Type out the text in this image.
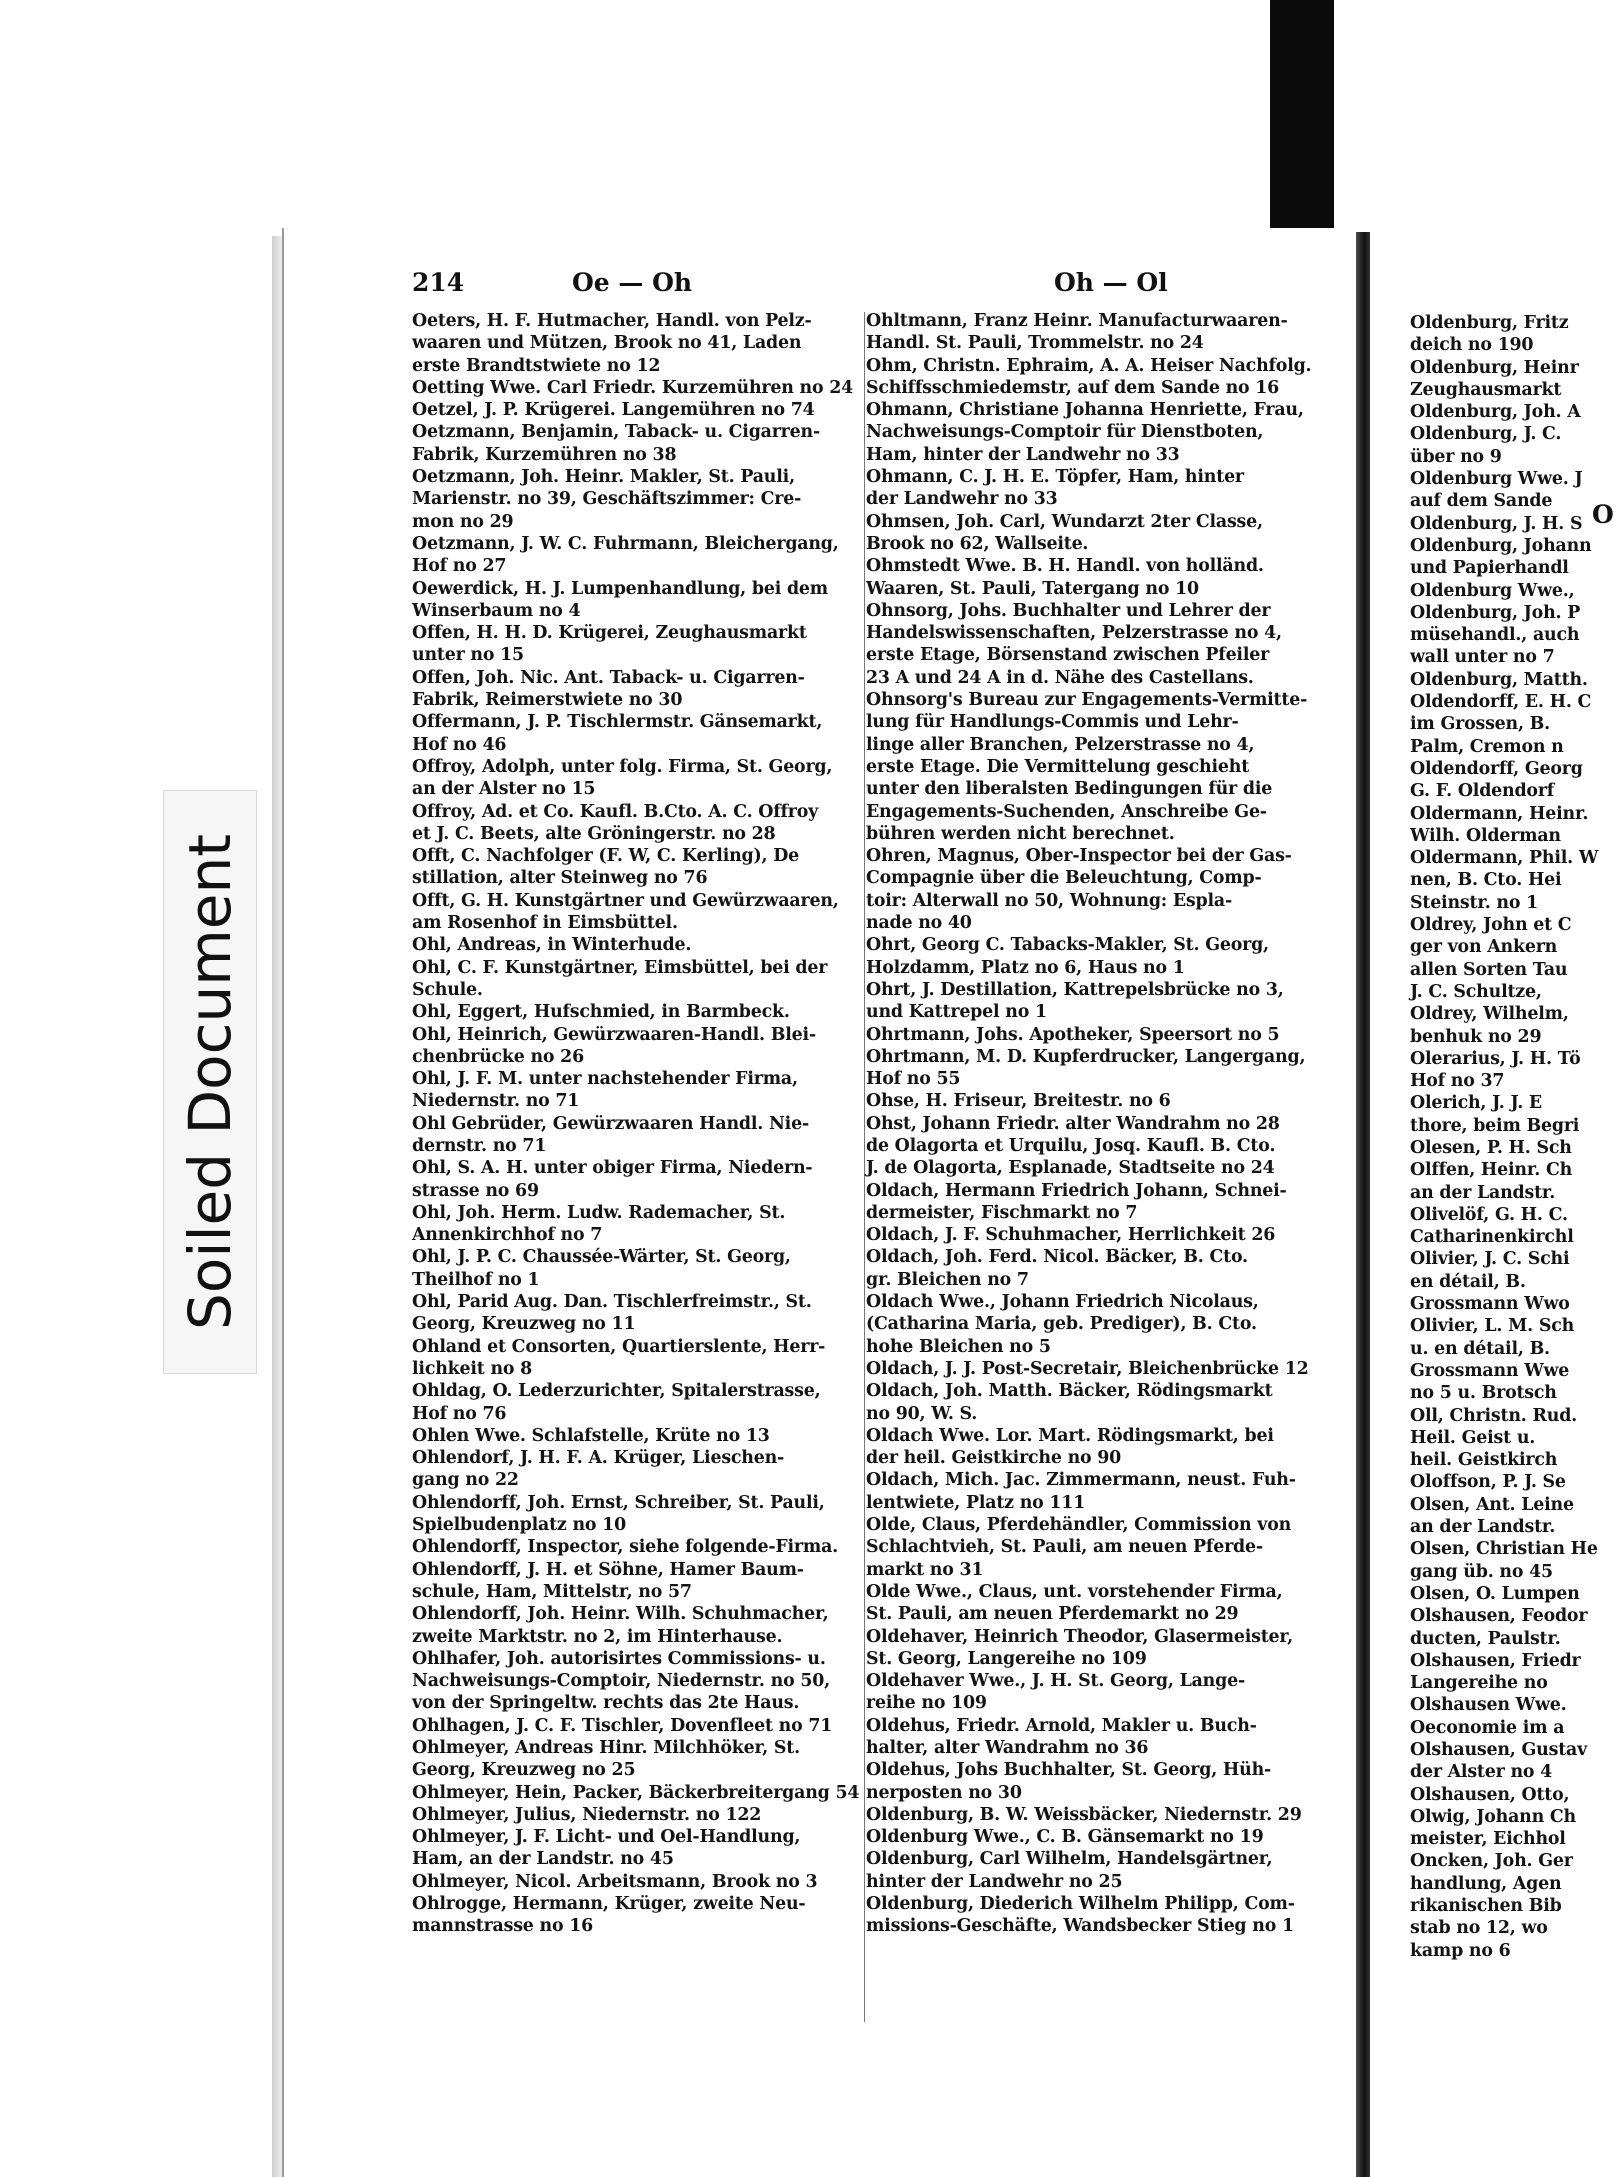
214	Oe — Oh	Oh — Ol
Oeters, H. F. Hutmacher, Handl. von Pelz-
waaren und Mützen, Brook no 41, Laden
erste Brandtstwiete no 12
Oetting Wwe. Carl Friedr. Kurzemühren no 24
Oetzel, J. P. Krügerei. Langemühren no 74
Oetzmann, Benjamin, Taback- u. Cigarren-
Fabrik, Kurzemühren no 38
Oetzmann, Joh. Heinr. Makler, St. Pauli,
Marienstr. no 39, Geschäftszimmer: Cre-
mon no 29
Oetzmann, J. W. C. Fuhrmann, Bleichergang,
Hof no 27
Oewerdick, H. J. Lumpenhandlung, bei dem
Winserbaum no 4
Offen, H. H. D. Krügerei, Zeughausmarkt
unter no 15
Offen, Joh. Nic. Ant. Taback- u. Cigarren-
Fabrik, Reimerstwiete no 30
Offermann, J. P. Tischlermstr. Gänsemarkt,
Hof no 46
Offroy, Adolph, unter folg. Firma, St. Georg,
an der Alster no 15
Offroy, Ad. et Co. Kaufl. B.Cto. A. C. Offroy
et J. C. Beets, alte Gröningerstr. no 28
Offt, C. Nachfolger (F. W, C. Kerling), De
stillation, alter Steinweg no 76
Offt, G. H. Kunstgärtner und Gewürzwaaren,
am Rosenhof in Eimsbüttel.
Ohl, Andreas, in Winterhude.
Ohl, C. F. Kunstgärtner, Eimsbüttel, bei der
Schule.
Ohl, Eggert, Hufschmied, in Barmbeck.
Ohl, Heinrich, Gewürzwaaren-Handl. Blei-
chenbrücke no 26
Ohl, J. F. M. unter nachstehender Firma,
Niedernstr. no 71
Ohl Gebrüder, Gewürzwaaren Handl. Nie-
dernstr. no 71
Ohl, S. A. H. unter obiger Firma, Niedern-
strasse no 69
Ohl, Joh. Herm. Ludw. Rademacher, St.
Annenkirchhof no 7
Ohl, J. P. C. Chaussée-Wärter, St. Georg,
Theilhof no 1
Ohl, Parid Aug. Dan. Tischlerfreimstr., St.
Georg, Kreuzweg no 11
Ohland et Consorten, Quartierslente, Herr-
lichkeit no 8
Ohldag, O. Lederzurichter, Spitalerstrasse,
Hof no 76
Ohlen Wwe. Schlafstelle, Krüte no 13
Ohlendorf, J. H. F. A. Krüger, Lieschen-
gang no 22
Ohlendorff, Joh. Ernst, Schreiber, St. Pauli,
Spielbudenplatz no 10
Ohlendorff, Inspector, siehe folgende-Firma.
Ohlendorff, J. H. et Söhne, Hamer Baum-
schule, Ham, Mittelstr, no 57
Ohlendorff, Joh. Heinr. Wilh. Schuhmacher,
zweite Marktstr. no 2, im Hinterhause.
Ohlhafer, Joh. autorisirtes Commissions- u.
Nachweisungs-Comptoir, Niedernstr. no 50,
von der Springeltw. rechts das 2te Haus.
Ohlhagen, J. C. F. Tischler, Dovenfleet no 71
Ohlmeyer, Andreas Hinr. Milchhöker, St.
Georg, Kreuzweg no 25
Ohlmeyer, Hein, Packer, Bäckerbreitergang 54
Ohlmeyer, Julius, Niedernstr. no 122
Ohlmeyer, J. F. Licht- und Oel-Handlung,
Ham, an der Landstr. no 45
Ohlmeyer, Nicol. Arbeitsmann, Brook no 3
Ohlrogge, Hermann, Krüger, zweite Neu-
mannstrasse no 16
Ohltmann, Franz Heinr. Manufacturwaaren-
Handl. St. Pauli, Trommelstr. no 24
Ohm, Christn. Ephraim, A. A. Heiser Nachfolg.
Schiffsschmiedemstr, auf dem Sande no 16
Ohmann, Christiane Johanna Henriette, Frau,
Nachweisungs-Comptoir für Dienstboten,
Ham, hinter der Landwehr no 33
Ohmann, C. J. H. E. Töpfer, Ham, hinter
der Landwehr no 33
Ohmsen, Joh. Carl, Wundarzt 2ter Classe,
Brook no 62, Wallseite.
Ohmstedt Wwe. B. H. Handl. von holländ.
Waaren, St. Pauli, Tatergang no 10
Ohnsorg, Johs. Buchhalter und Lehrer der
Handelswissenschaften, Pelzerstrasse no 4,
erste Etage, Börsenstand zwischen Pfeiler
23 A und 24 A in d. Nähe des Castellans.
Ohnsorg's Bureau zur Engagements-Vermitte-
lung für Handlungs-Commis und Lehr-
linge aller Branchen, Pelzerstrasse no 4,
erste Etage. Die Vermittelung geschieht
unter den liberalsten Bedingungen für die
Engagements-Suchenden, Anschreibe Ge-
bühren werden nicht berechnet.
Ohren, Magnus, Ober-Inspector bei der Gas-
Compagnie über die Beleuchtung, Comp-
toir: Alterwall no 50, Wohnung: Espla-
nade no 40
Ohrt, Georg C. Tabacks-Makler, St. Georg,
Holzdamm, Platz no 6, Haus no 1
Ohrt, J. Destillation, Kattrepelsbrücke no 3,
und Kattrepel no 1
Ohrtmann, Johs. Apotheker, Speersort no 5
Ohrtmann, M. D. Kupferdrucker, Langergang,
Hof no 55
Ohse, H. Friseur, Breitestr. no 6
Ohst, Johann Friedr. alter Wandrahm no 28
de Olagorta et Urquilu, Josq. Kaufl. B. Cto.
J. de Olagorta, Esplanade, Stadtseite no 24
Oldach, Hermann Friedrich Johann, Schnei-
dermeister, Fischmarkt no 7
Oldach, J. F. Schuhmacher, Herrlichkeit 26
Oldach, Joh. Ferd. Nicol. Bäcker, B. Cto.
gr. Bleichen no 7
Oldach Wwe., Johann Friedrich Nicolaus,
(Catharina Maria, geb. Prediger), B. Cto.
hohe Bleichen no 5
Oldach, J. J. Post-Secretair, Bleichenbrücke 12
Oldach, Joh. Matth. Bäcker, Rödingsmarkt
no 90, W. S.
Oldach Wwe. Lor. Mart. Rödingsmarkt, bei
der heil. Geistkirche no 90
Oldach, Mich. Jac. Zimmermann, neust. Fuh-
lentwiete, Platz no 111
Olde, Claus, Pferdehändler, Commission von
Schlachtvieh, St. Pauli, am neuen Pferde-
markt no 31
Olde Wwe., Claus, unt. vorstehender Firma,
St. Pauli, am neuen Pferdemarkt no 29
Oldehaver, Heinrich Theodor, Glasermeister,
St. Georg, Langereihe no 109
Oldehaver Wwe., J. H. St. Georg, Lange-
reihe no 109
Oldehus, Friedr. Arnold, Makler u. Buch-
halter, alter Wandrahm no 36
Oldehus, Johs Buchhalter, St. Georg, Hüh-
nerposten no 30
Oldenburg, B. W. Weissbäcker, Niedernstr. 29
Oldenburg Wwe., C. B. Gänsemarkt no 19
Oldenburg, Carl Wilhelm, Handelsgärtner,
hinter der Landwehr no 25
Oldenburg, Diederich Wilhelm Philipp, Com-
missions-Geschäfte, Wandsbecker Stieg no 1
O
Oldenburg, Fritz
deich no 190
Oldenburg, Heinr
Zeughausmarkt
Oldenburg, Joh. A
Oldenburg, J. C.
über no 9
Oldenburg Wwe. J
auf dem Sande
Oldenburg, J. H. S
Oldenburg, Johann
und Papierhandl
Oldenburg Wwe.,
Oldenburg, Joh. P
müsehandl., auch
wall unter no 7
Oldenburg, Matth.
Oldendorff, E. H. C
im Grossen, B.
Palm, Cremon n
Oldendorff, Georg
G. F. Oldendorf
Oldermann, Heinr.
Wilh. Olderman
Oldermann, Phil. W
nen, B. Cto. Hei
Steinstr. no 1
Oldrey, John et C
ger von Ankern
allen Sorten Tau
J. C. Schultze,
Oldrey, Wilhelm,
benhuk no 29
Olerarius, J. H. Tö
Hof no 37
Olerich, J. J. E
thore, beim Begri
Olesen, P. H. Sch
Olffen, Heinr. Ch
an der Landstr.
Olivelöf, G. H. C.
Catharinenkirchl
Olivier, J. C. Schi
en détail, B.
Grossmann Wwo
Olivier, L. M. Sch
u. en détail, B.
Grossmann Wwe
no 5 u. Brotsch
Oll, Christn. Rud.
Heil. Geist u.
heil. Geistkirch
Oloffson, P. J. Se
Olsen, Ant. Leine
an der Landstr.
Olsen, Christian He
gang üb. no 45
Olsen, O. Lumpen
Olshausen, Feodor
ducten, Paulstr.
Olshausen, Friedr
Langereihe no
Olshausen Wwe.
Oeconomie im a
Olshausen, Gustav
der Alster no 4
Olshausen, Otto,
Olwig, Johann Ch
meister, Eichhol
Oncken, Joh. Ger
handlung, Agen
rikanischen Bib
stab no 12, wo
kamp no 6
Soiled Document
